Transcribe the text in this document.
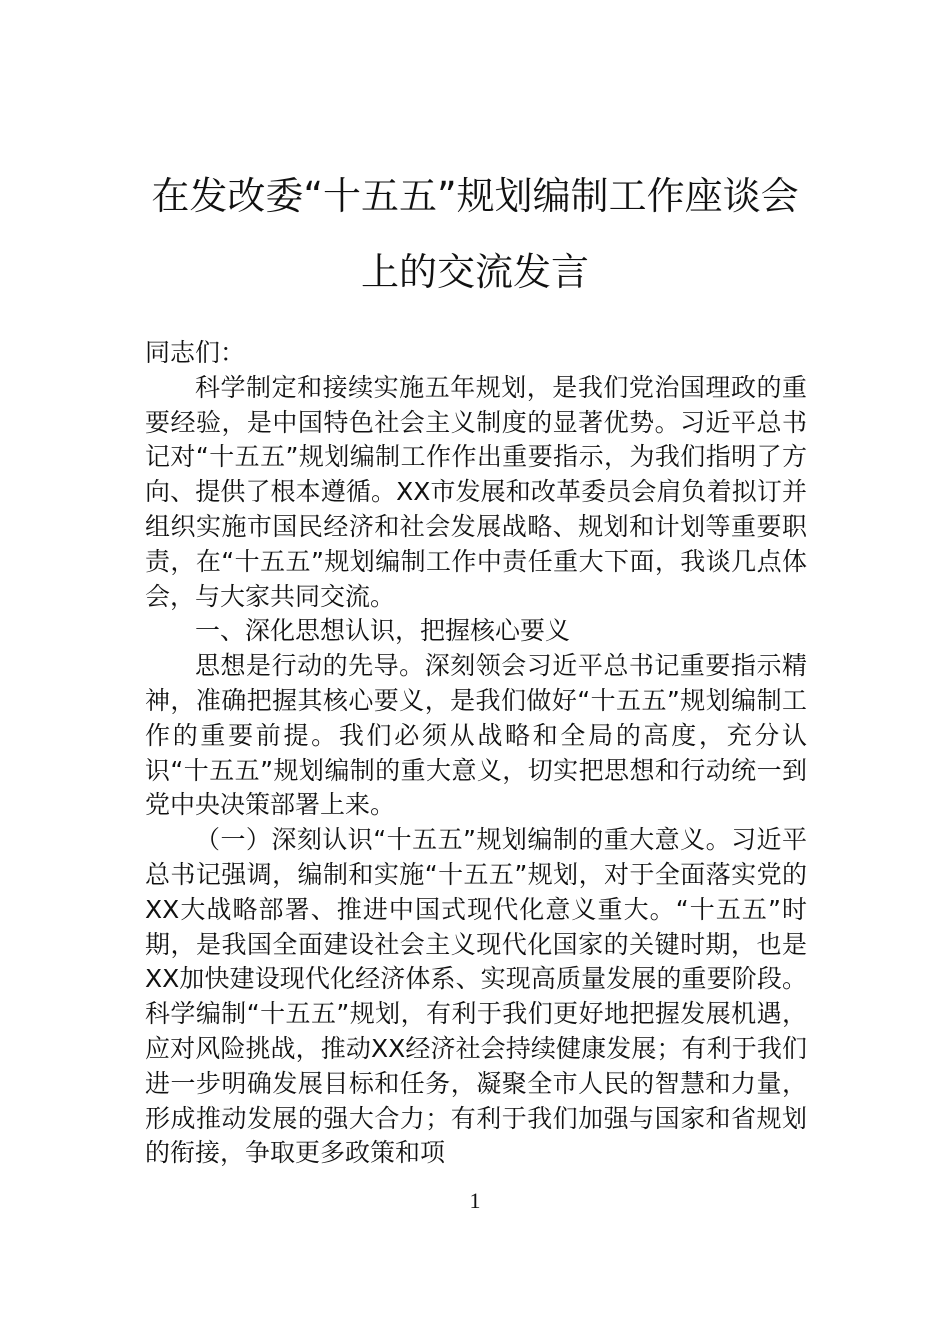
在发改委“十五五”规划编制工作座谈会
上的交流发言

同志们：

科学制定和接续实施五年规划，是我们党治国理政的重要经验，是中国特色社会主义制度的显著优势。习近平总书记对“十五五”规划编制工作作出重要指示，为我们指明了方向、提供了根本遵循。XX市发展和改革委员会肩负着拟订并组织实施市国民经济和社会发展战略、规划和计划等重要职责，在“十五五”规划编制工作中责任重大下面，我谈几点体会，与大家共同交流。

一、深化思想认识，把握核心要义

思想是行动的先导。深刻领会习近平总书记重要指示精神，准确把握其核心要义，是我们做好“十五五”规划编制工作的重要前提。我们必须从战略和全局的高度，充分认识“十五五”规划编制的重大意义，切实把思想和行动统一到党中央决策部署上来。

（一）深刻认识“十五五”规划编制的重大意义。习近平总书记强调，编制和实施“十五五”规划，对于全面落实党的XX大战略部署、推进中国式现代化意义重大。“十五五”时期，是我国全面建设社会主义现代化国家的关键时期，也是XX加快建设现代化经济体系、实现高质量发展的重要阶段。科学编制“十五五”规划，有利于我们更好地把握发展机遇，应对风险挑战，推动XX经济社会持续健康发展；有利于我们进一步明确发展目标和任务，凝聚全市人民的智慧和力量，形成推动发展的强大合力；有利于我们加强与国家和省规划的衔接，争取更多政策和项

1
